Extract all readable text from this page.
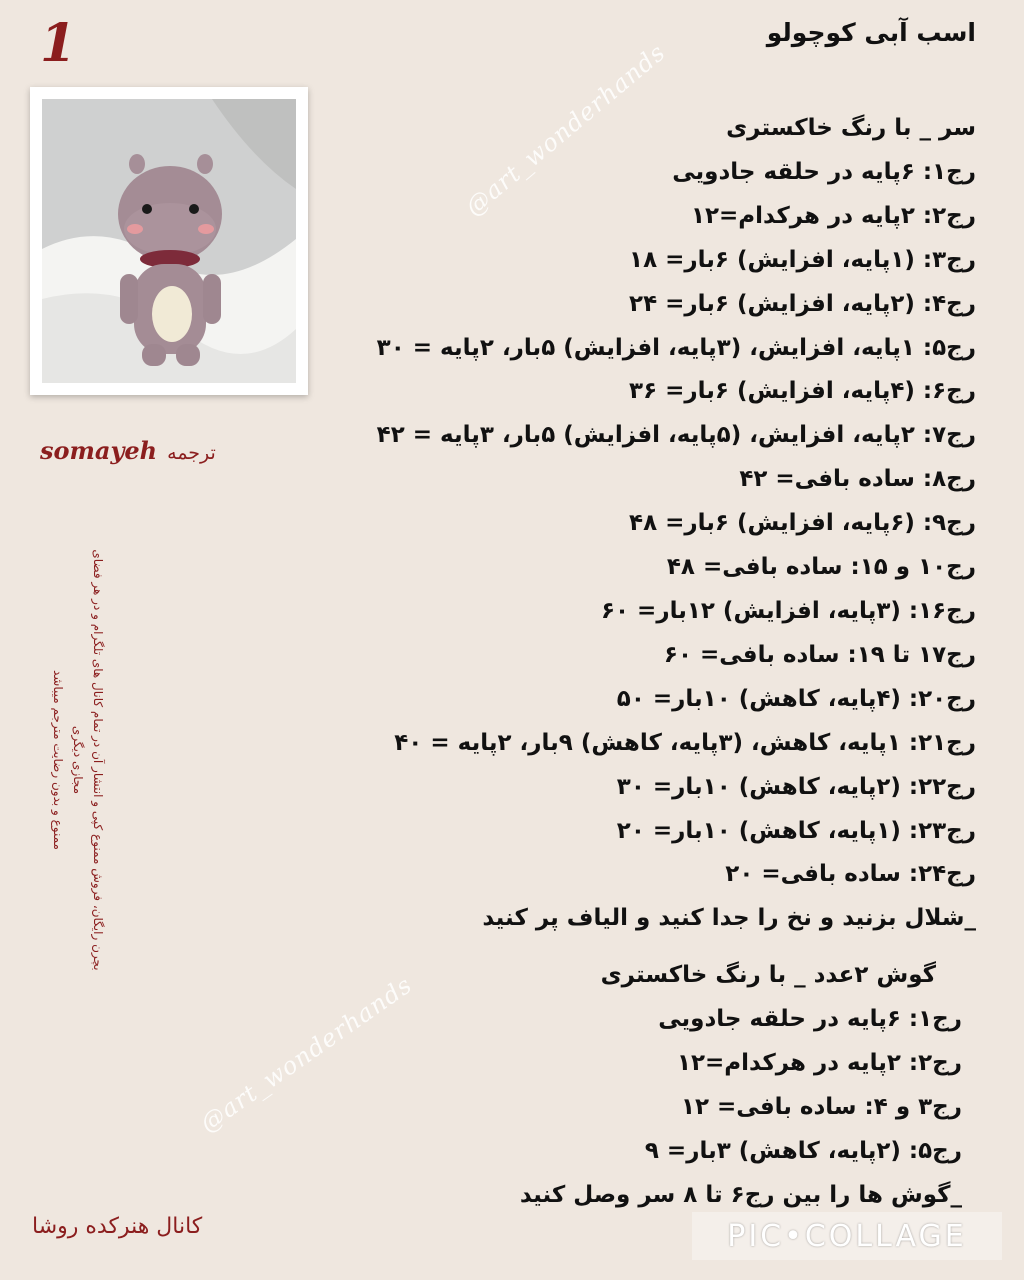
1
somayeh ترجمه
بچرن رایگان، فروش ممنوع کپی و انتشار آن در تمام کانال های تلگرام و در هر فضای مجازی دیگری
ممنوع و بدون رضایت مترجم میباشد
کانال هنرکده روشا
@art_wonderhands
@art_wonderhands
اسب آبی کوچولو
سر _ با رنگ خاکستری
رج۱: ۶پایه در حلقه جادویی
رج۲: ۲پایه در هرکدام=۱۲
رج۳: (۱پایه، افزایش) ۶بار= ۱۸
رج۴: (۲پایه، افزایش) ۶بار= ۲۴
رج۵: ۱پایه، افزایش، (۳پایه، افزایش) ۵بار، ۲پایه = ۳۰
رج۶: (۴پایه، افزایش) ۶بار= ۳۶
رج۷: ۲پایه، افزایش، (۵پایه، افزایش) ۵بار، ۳پایه = ۴۲
رج۸: ساده بافی= ۴۲
رج۹: (۶پایه، افزایش) ۶بار= ۴۸
رج۱۰ و ۱۵: ساده بافی= ۴۸
رج۱۶: (۳پایه، افزایش) ۱۲بار= ۶۰
رج۱۷ تا ۱۹: ساده بافی= ۶۰
رج۲۰: (۴پایه، کاهش) ۱۰بار= ۵۰
رج۲۱: ۱پایه، کاهش، (۳پایه، کاهش) ۹بار، ۲پایه = ۴۰
رج۲۲: (۲پایه، کاهش) ۱۰بار= ۳۰
رج۲۳: (۱پایه، کاهش) ۱۰بار= ۲۰
رج۲۴: ساده بافی= ۲۰
_شلال بزنید و نخ را جدا کنید و الیاف پر کنید
گوش ۲عدد _ با رنگ خاکستری
رج۱: ۶پایه در حلقه جادویی
رج۲: ۲پایه در هرکدام=۱۲
رج۳ و ۴: ساده بافی= ۱۲
رج۵: (۲پایه، کاهش) ۳بار= ۹
_گوش ها را بین رج۶ تا ۸ سر وصل کنید
PIC•COLLAGE
